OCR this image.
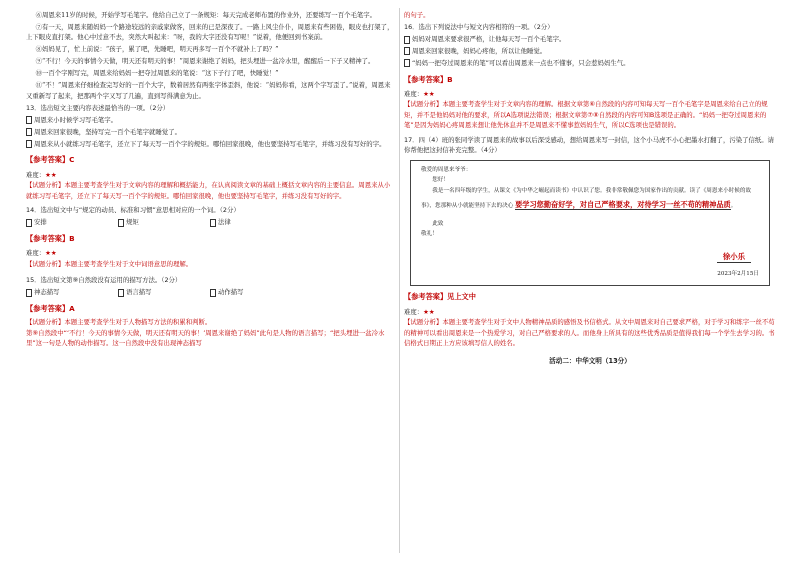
⑥周恩来11岁的时候，开始学写毛笔字。他给自己立了一条规矩：每天完成老师布置的作业外，还要练写一百个毛笔字。

⑦有一天，周恩来随妈妈一个路途较远的亲戚家做客，回来的已是深夜了。一路上风尘仆仆，周恩来有些困倦，眼皮也打架了，上下眼皮直打架。他心中过意不去，突然大叫起来：“呀，我的大字还没有写呢！”说着，他便回到书案前。

⑧妈妈见了，忙上前说：“孩子，累了吧，先睡吧，明天再多写一百个不就补上了吗？”

⑨“不行！今天的事情今天做，明天还有明天的事！”周恩来谢绝了妈妈，把头埋进一盆冷水里，醒醒后一下子又精神了。

⑩一百个字刚写完，周恩来给妈妈一把夺过周恩来的笔说：“这下子行了吧，快睡觉！”

⑪“不！”周恩来仔细检查完写好的一百个大字，数着居然有两张字体歪斜，他说：“妈妈你看，这两个字写歪了。”说着，周恩来又重新写了起来，把那两个字又写了几遍，直到写得满意为止。

13．选出短文主要内容表述最恰当的一项。（2分）
周恩来小时候学习写毛笔字。
周恩来回家很晚，坚持写完一百个毛笔字就睡觉了。
周恩来从小就练习写毛笔字，还立下了每天写一百个字的规矩。哪怕回家很晚，他也要坚持写毛笔字，并练习没有写好的字。
【参考答案】C
难度：★★
【试题分析】本题主要考查学生对于文章内容的理解和概括能力，在认真阅读文章的基础上概括文章内容的主要信息。周恩来从小就练习写毛笔字，还立下了每天写一百个字的规矩。哪怕回家很晚，他也要坚持写毛笔字，并练习没有写好的字。
14．选出短文中与“规定的动员、标准和习惯”意思相对应的一个词。（2分）
安排	规矩	法律
【参考答案】B
难度：★★
【试题分析】本题主要考查学生对于文中词语意思的理解。
15．选出短文第⑨自然段没有运用的描写方法。（2分）
神态描写	语言描写	动作描写
【参考答案】A
【试题分析】本题主要考查学生对于人物描写方法的积累和判断。
第⑨自然段中“‘不行！今天的事情今天做，明天还有明天的事！’周恩来谢绝了妈妈”此句是人物的语言描写；“把头埋进一盆冷水里”这一句是人物的动作描写。这一自然段中没有出现神态描写
的句子。
16．选出下列说法中与短文内容相符的一项。（2分）
妈妈对周恩来要求很严格，让他每天写一百个毛笔字。
周恩来回家很晚，妈妈心疼他，所以让他睡觉。
“妈妈一把夺过周恩来的笔”可以看出周恩来一点也不懂事，只会惹妈妈生气。
【参考答案】B
难度：★★
【试题分析】本题主要考查学生对于文章内容的理解。根据文章第⑥自然段的内容可知每天写一百个毛笔字是周恩来给自己立的规矩，并不是他妈妈对他的要求，所以A选项说法错误；根据文章第⑦⑧自然段的内容可知B选项是正确的。“妈妈一把夺过周恩来的笔”是因为妈妈心疼周恩来想让他先休息并不是周恩来不懂事惹妈妈生气，所以C选项也是错误的。
17．四（4）班的张同学读了周恩来的故事以后深受感动，想给周恩来写一封信，这个小马虎不小心把墨水打翻了，污染了信纸。请你帮他把这封信补充完整。（4分）
敬爱的周恩来爷爷：
您好！
我是一名四年级的学生，从课文《为中华之崛起而读书》中认识了您。我非常敬佩您为国家作出的贡献。读了《周恩来小时候的故事》，您那种从小就能坚持下去的决心 要学习您勤奋好学，对自己严格要求，对待学习一丝不苟的精神品质。
此致
敬礼！
徐小乐
2023年2月15日
【参考答案】见上文中
难度：★★
【试题分析】本题主要考查学生对于文中人物精神品质的感悟及书信格式。从文中周恩来对自己要求严格，对于学习和练字一丝不苟的精神可以看出周恩来是一个热爱学习，对自己严格要求的人。而他身上所具有的这些优秀品质是值得我们每一个学生去学习的。书信格式日期正上方应该填写信人的姓名。
活动二：中华文明（13分）
